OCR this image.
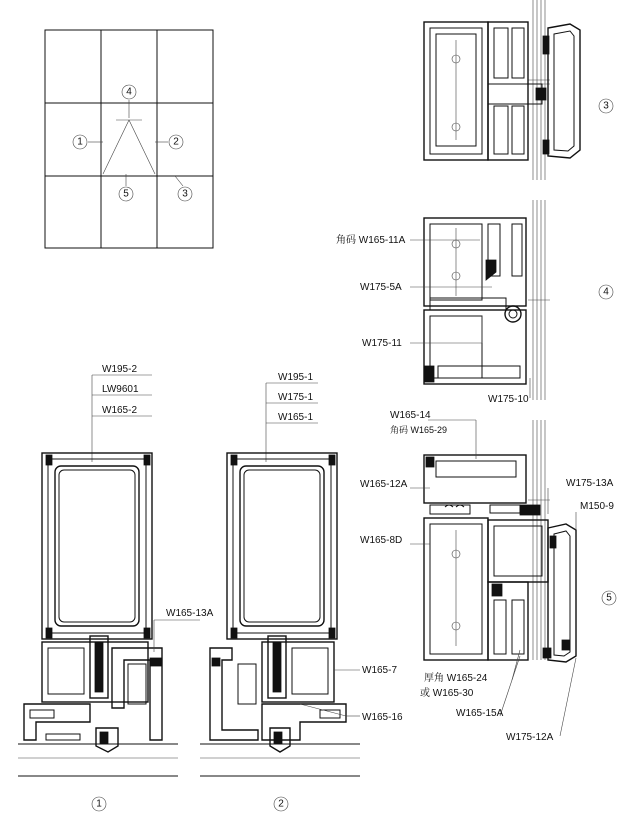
4
1	2
5	3
3
4
角码 W165-11A
W175-5A
W175-11
W175-10
5
W165-14
角码 W165-29
W165-12A	W175-13A
M150-9
W165-8D
厚角 W165-24
或 W165-30
W165-15A
W175-12A
1
W195-2
LW9601
W165-2
W165-13A
2
W195-1
W175-1
W165-1
W165-7
W165-16
